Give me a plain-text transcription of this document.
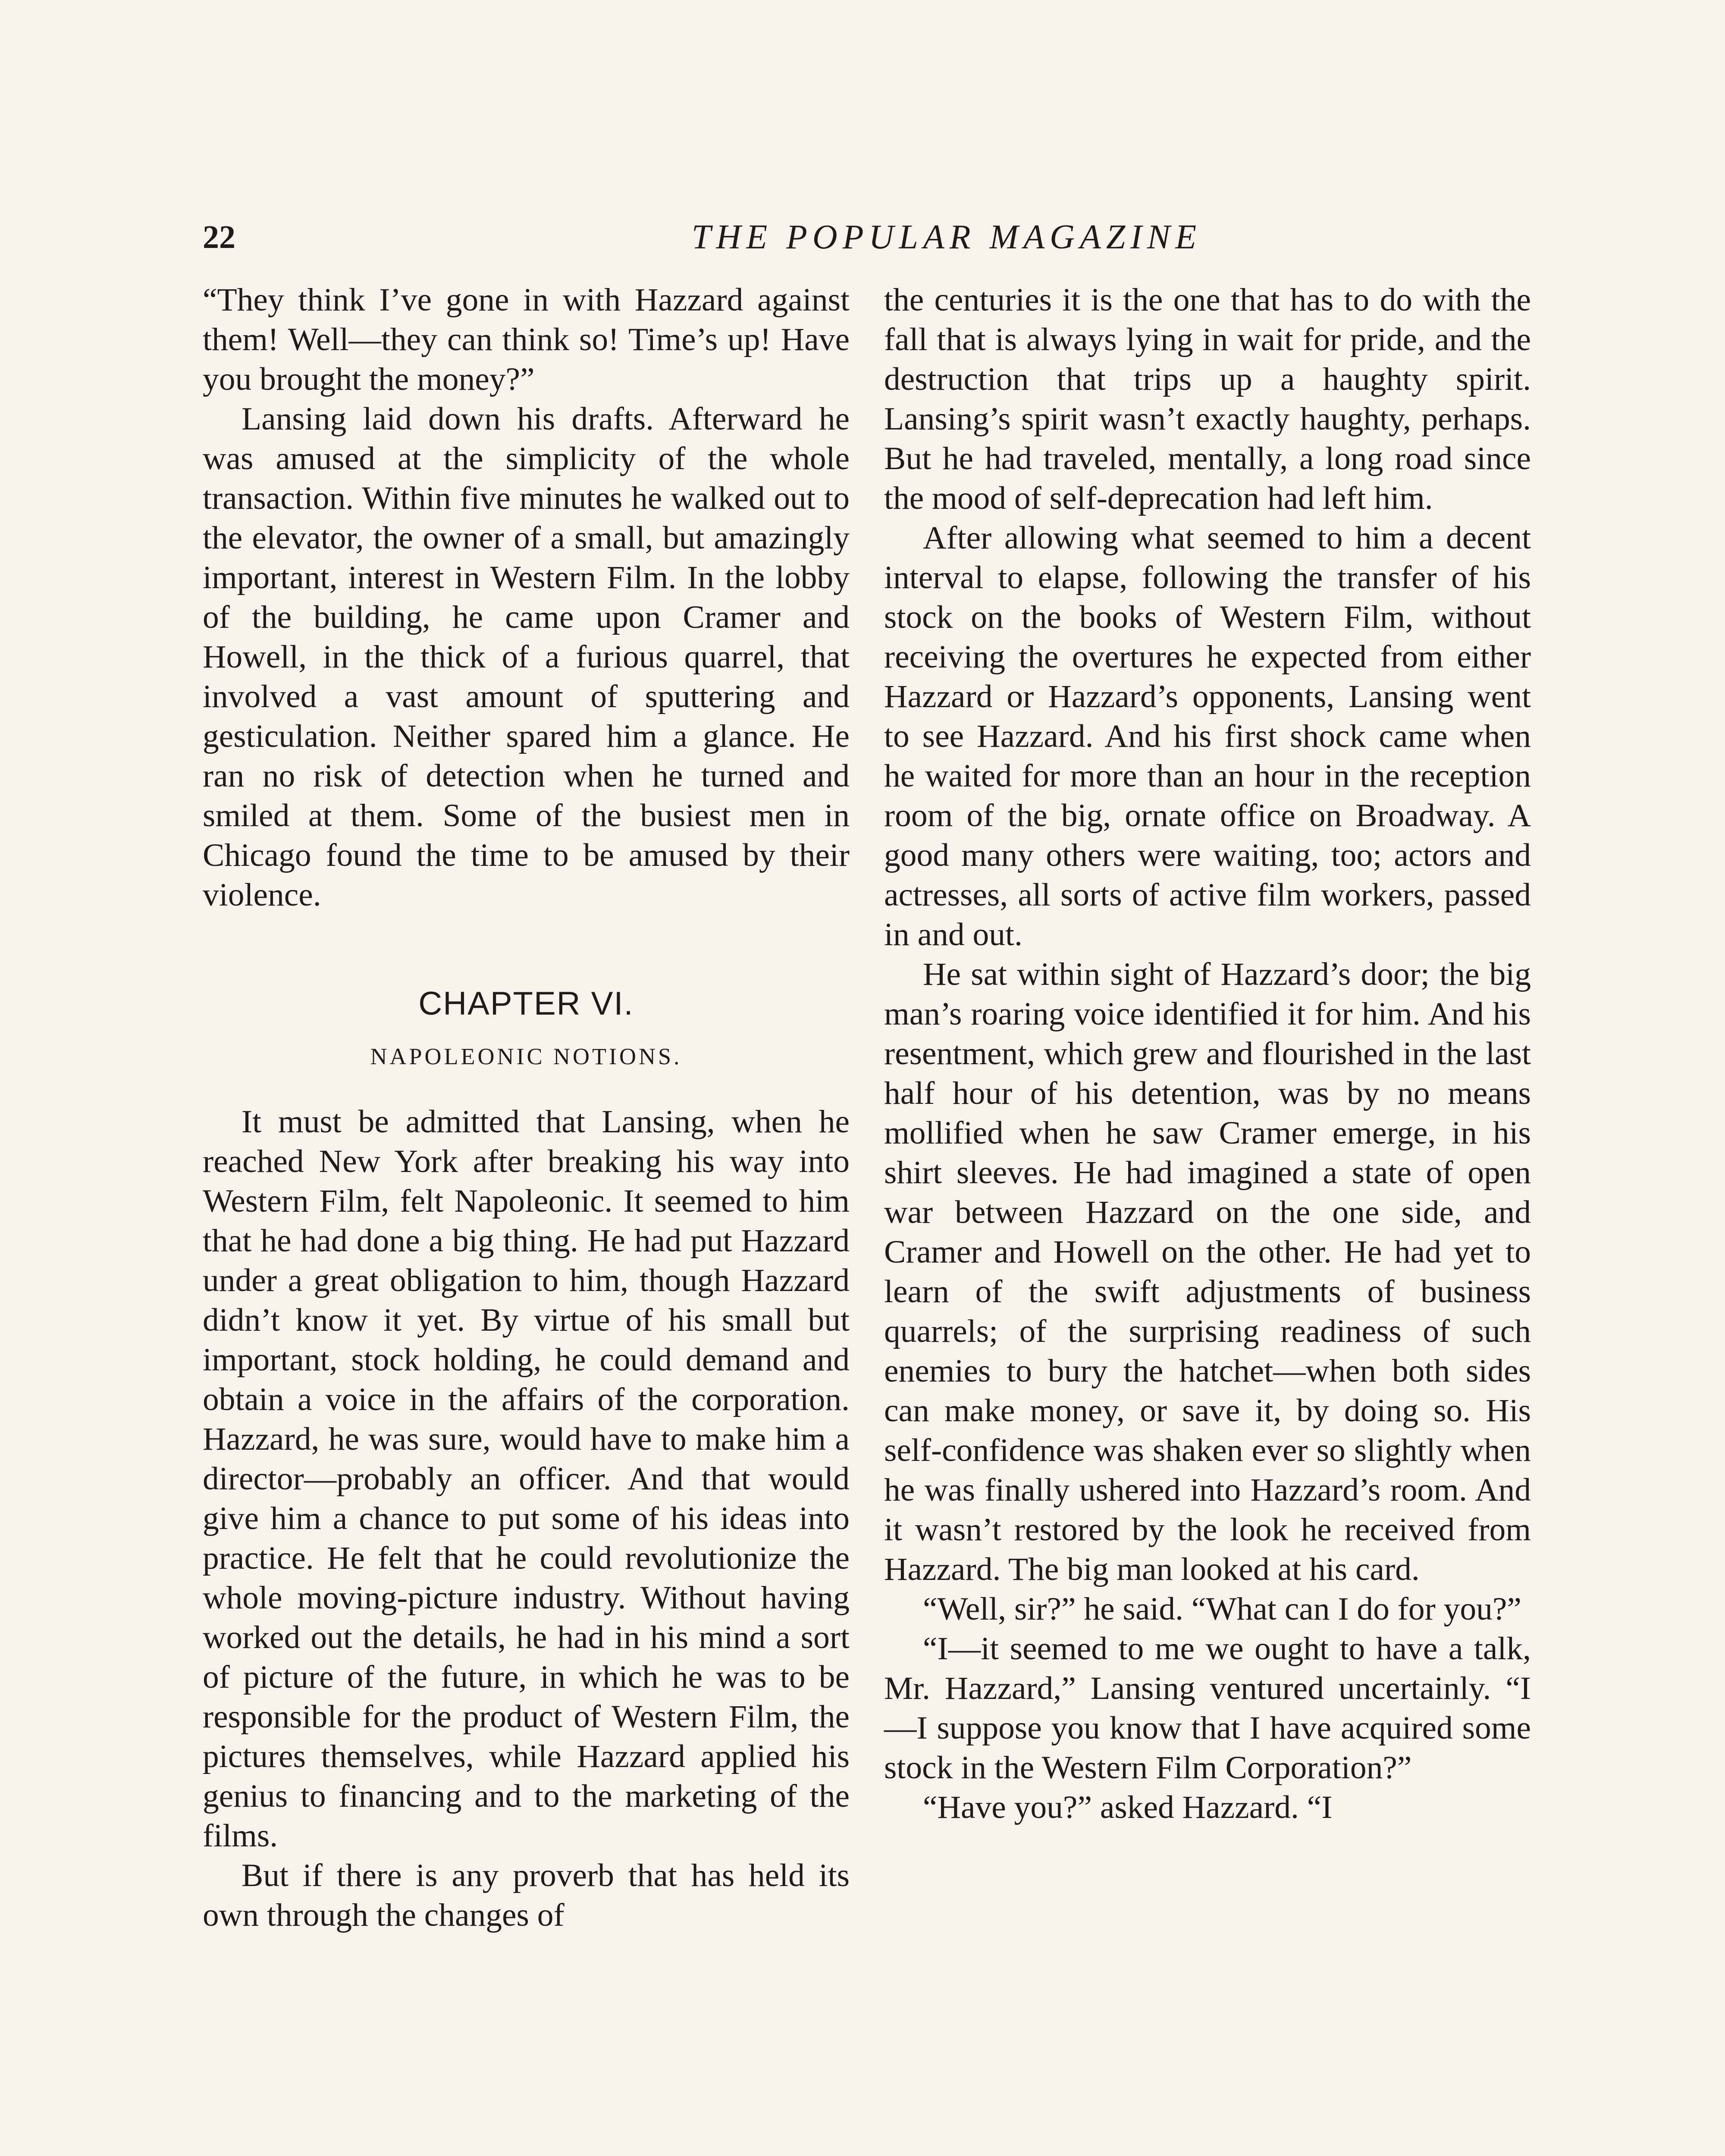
22	THE POPULAR MAGAZINE

“They think I’ve gone in with Hazzard against them! Well—they can think so! Time’s up! Have you brought the money?”

Lansing laid down his drafts. Afterward he was amused at the simplicity of the whole transaction. Within five minutes he walked out to the elevator, the owner of a small, but amazingly important, interest in Western Film. In the lobby of the building, he came upon Cramer and Howell, in the thick of a furious quarrel, that involved a vast amount of sputtering and gesticulation. Neither spared him a glance. He ran no risk of detection when he turned and smiled at them. Some of the busiest men in Chicago found the time to be amused by their violence.

CHAPTER VI.
NAPOLEONIC NOTIONS.

It must be admitted that Lansing, when he reached New York after breaking his way into Western Film, felt Napoleonic. It seemed to him that he had done a big thing. He had put Hazzard under a great obligation to him, though Hazzard didn’t know it yet. By virtue of his small but important, stock holding, he could demand and obtain a voice in the affairs of the corporation. Hazzard, he was sure, would have to make him a director—probably an officer. And that would give him a chance to put some of his ideas into practice. He felt that he could revolutionize the whole moving-picture industry. Without having worked out the details, he had in his mind a sort of picture of the future, in which he was to be responsible for the product of Western Film, the pictures themselves, while Hazzard applied his genius to financing and to the marketing of the films.

But if there is any proverb that has held its own through the changes of

the centuries it is the one that has to do with the fall that is always lying in wait for pride, and the destruction that trips up a haughty spirit. Lansing’s spirit wasn’t exactly haughty, perhaps. But he had traveled, mentally, a long road since the mood of self-deprecation had left him.

After allowing what seemed to him a decent interval to elapse, following the transfer of his stock on the books of Western Film, without receiving the overtures he expected from either Hazzard or Hazzard’s opponents, Lansing went to see Hazzard. And his first shock came when he waited for more than an hour in the reception room of the big, ornate office on Broadway. A good many others were waiting, too; actors and actresses, all sorts of active film workers, passed in and out.

He sat within sight of Hazzard’s door; the big man’s roaring voice identified it for him. And his resentment, which grew and flourished in the last half hour of his detention, was by no means mollified when he saw Cramer emerge, in his shirt sleeves. He had imagined a state of open war between Hazzard on the one side, and Cramer and Howell on the other. He had yet to learn of the swift adjustments of business quarrels; of the surprising readiness of such enemies to bury the hatchet—when both sides can make money, or save it, by doing so. His self-confidence was shaken ever so slightly when he was finally ushered into Hazzard’s room. And it wasn’t restored by the look he received from Hazzard. The big man looked at his card.

“Well, sir?” he said. “What can I do for you?”

“I—it seemed to me we ought to have a talk, Mr. Hazzard,” Lansing ventured uncertainly. “I—I suppose you know that I have acquired some stock in the Western Film Corporation?”

“Have you?” asked Hazzard. “I
